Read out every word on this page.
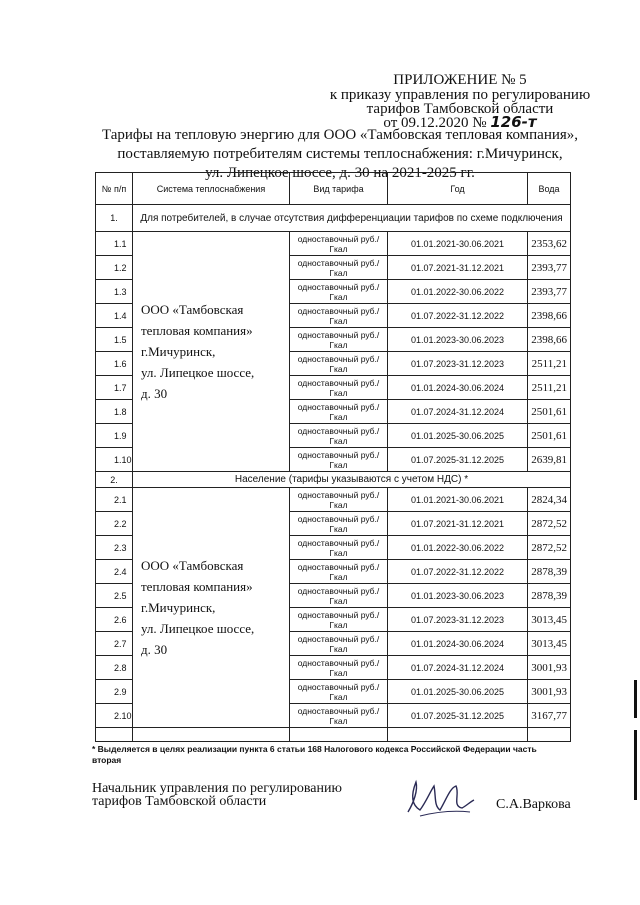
ПРИЛОЖЕНИЕ № 5
к приказу управления по регулированию
тарифов Тамбовской области
от 09.12.2020 № 126-т
Тарифы на тепловую энергию для ООО «Тамбовская тепловая компания»,
поставляемую потребителям системы теплоснабжения: г.Мичуринск,
ул. Липецкое шоссе, д. 30 на 2021-2025 гг.
№ п/п	Система теплоснабжения	Вид тарифа	Год	Вода
1.	Для потребителей, в случае отсутствия дифференциации тарифов по схеме подключения			
1.1	ООО «Тамбовская
тепловая компания»
г.Мичуринск,
ул. Липецкое шоссе,
д. 30	одноставочный руб./Гкал	01.01.2021-30.06.2021	2353,62
1.2		одноставочный руб./Гкал	01.07.2021-31.12.2021	2393,77
1.3		одноставочный руб./Гкал	01.01.2022-30.06.2022	2393,77
1.4		одноставочный руб./Гкал	01.07.2022-31.12.2022	2398,66
1.5		одноставочный руб./Гкал	01.01.2023-30.06.2023	2398,66
1.6		одноставочный руб./Гкал	01.07.2023-31.12.2023	2511,21
1.7		одноставочный руб./Гкал	01.01.2024-30.06.2024	2511,21
1.8		одноставочный руб./Гкал	01.07.2024-31.12.2024	2501,61
1.9		одноставочный руб./Гкал	01.01.2025-30.06.2025	2501,61
1.10		одноставочный руб./Гкал	01.07.2025-31.12.2025	2639,81
2.	Население (тарифы указываются с учетом НДС) *			
2.1	ООО «Тамбовская
тепловая компания»
г.Мичуринск,
ул. Липецкое шоссе,
д. 30	одноставочный руб./Гкал	01.01.2021-30.06.2021	2824,34
2.2		одноставочный руб./Гкал	01.07.2021-31.12.2021	2872,52
2.3		одноставочный руб./Гкал	01.01.2022-30.06.2022	2872,52
2.4		одноставочный руб./Гкал	01.07.2022-31.12.2022	2878,39
2.5		одноставочный руб./Гкал	01.01.2023-30.06.2023	2878,39
2.6		одноставочный руб./Гкал	01.07.2023-31.12.2023	3013,45
2.7		одноставочный руб./Гкал	01.01.2024-30.06.2024	3013,45
2.8		одноставочный руб./Гкал	01.07.2024-31.12.2024	3001,93
2.9		одноставочный руб./Гкал	01.01.2025-30.06.2025	3001,93
2.10		одноставочный руб./Гкал	01.07.2025-31.12.2025	3167,77

* Выделяется в целях реализации пункта 6 статьи 168 Налогового кодекса Российской Федерации часть вторая
Начальник управления по регулированию
тарифов Тамбовской области	С.А.Варкова
